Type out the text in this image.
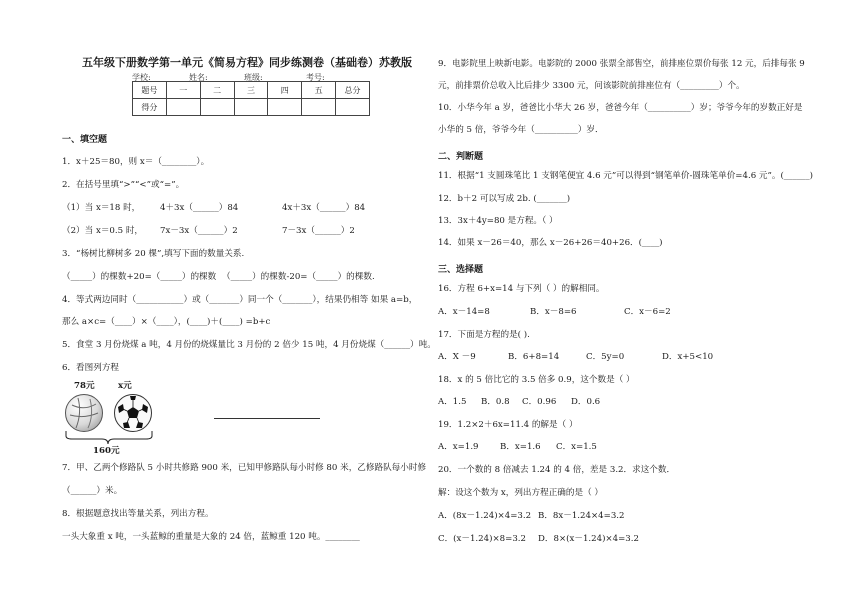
五年级下册数学第一单元《简易方程》同步练测卷（基础卷）苏教版
学校:___________
姓名:___________
班级:___________ 考号:___________
题号	一	二	三	四	五	总分
得分						
一、填空题
1．x＋25＝80，则 x＝（________）。
2．在括号里填“>”“<”或“=”。
（1）当 x＝18 时， 4＋3x（______）84	4x＋3x（______）84
（2）当 x＝0.5 时， 7x－3x（______）2	7－3x（______）2
3．“杨树比柳树多 20 棵”,填写下面的数量关系.
（_____）的棵数+20=（_____）的棵数 （_____）的棵数-20=（_____）的棵数.
4．等式两边同时（___________）或（_______）同一个（_______），结果仍相等 如果 a=b，
那么 a×c=（____）×（____），(____)＋(____) =b+c
5．食堂 3 月份烧煤 a 吨，4 月份的烧煤量比 3 月份的 2 倍少 15 吨，4 月份烧煤（______）吨。
6．看图列方程
78元	x元
160元
7．甲、乙两个修路队 5 小时共修路 900 米，已知甲修路队每小时修 80 米，乙修路队每小时修
（______）米。
8．根据题意找出等量关系，列出方程。
一头大象重 x 吨，一头蓝鲸的重量是大象的 24 倍，蓝鲸重 120 吨。________
9．电影院里上映新电影。电影院的 2000 张票全部售空，前排座位票价每张 12 元，后排每张 9
元，前排票价总收入比后排少 3300 元，问该影院前排座位有（_________）个。
10．小华今年 a 岁，爸爸比小华大 26 岁，爸爸今年（__________）岁；爷爷今年的岁数正好是
小华的 5 倍，爷爷今年（__________）岁．
二、判断题
11．根据“1 支圆珠笔比 1 支钢笔便宜 4.6 元”可以得到“钢笔单价-圆珠笔单价=4.6 元”。(______)
12．b＋2 可以写成 2b. (_______)
13．3x＋4y=80 是方程。（ ）
14．如果 x－26＝40，那么 x－26+26＝40+26．(____)
三、选择题
16．方程 6+x=14 与下列（ ）的解相同。
A．x－14=8	B．x－8=6	C．x－6=2
17．下面是方程的是( ).
A．X －9	B．6+8=14	C．5y=0	D．x+5<10
18．x 的 5 倍比它的 3.5 倍多 0.9，这个数是（ ）
A．1.5 B．0.8 C．0.96 D．0.6
19．1.2×2＋6x=11.4 的解是（ ）
A．x=1.9 B．x=1.6 C．x=1.5
20．一个数的 8 倍减去 1.24 的 4 倍，差是 3.2．求这个数．
解：设这个数为 x，列出方程正确的是（ ）
A．(8x－1.24)×4=3.2 B．8x－1.24×4=3.2
C．(x－1.24)×8=3.2 D．8×(x－1.24)×4=3.2
